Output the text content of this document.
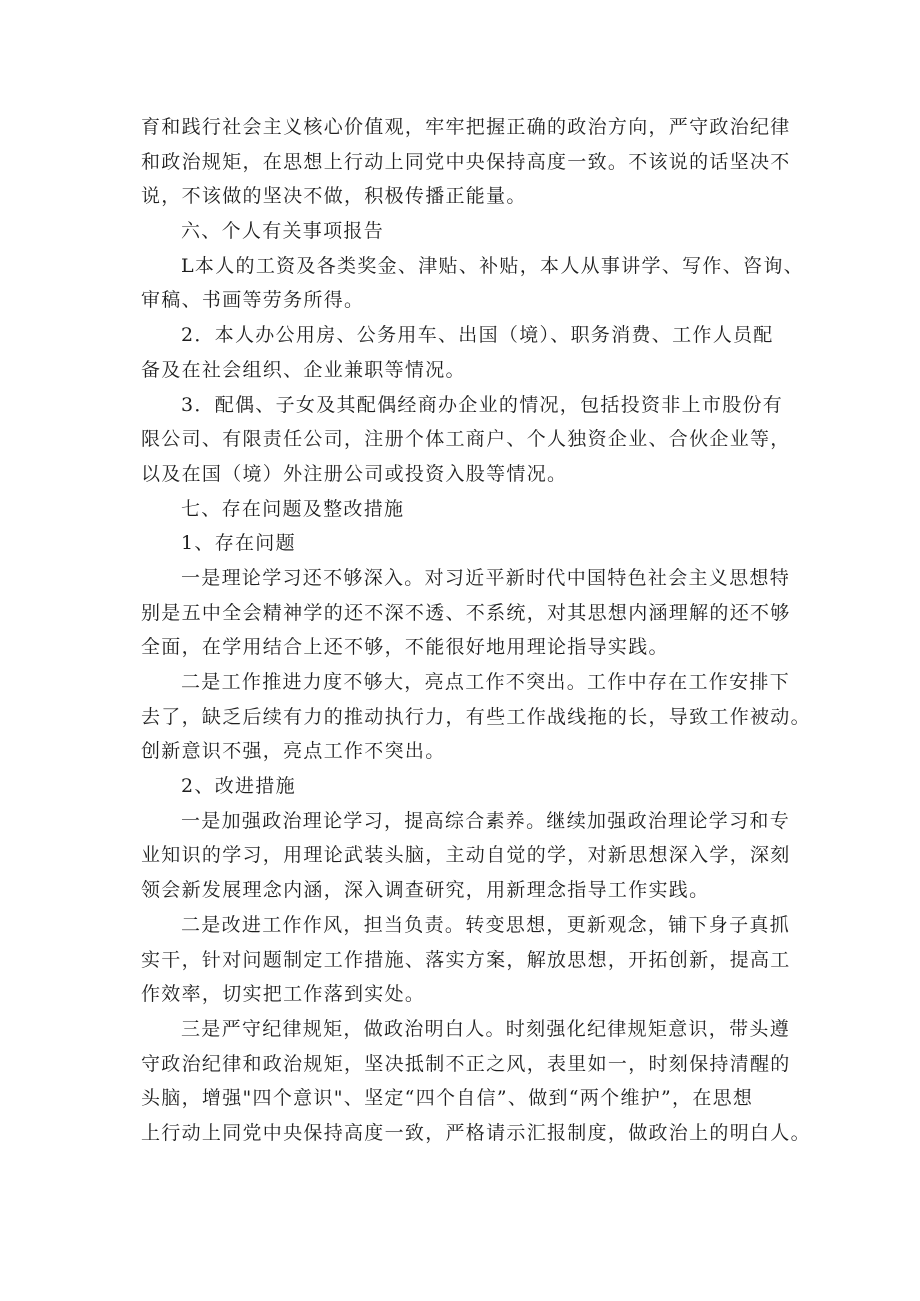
育和践行社会主义核心价值观，牢牢把握正确的政治方向，严守政治纪律
和政治规矩，在思想上行动上同党中央保持高度一致。不该说的话坚决不
说，不该做的坚决不做，积极传播正能量。
六、个人有关事项报告
L本人的工资及各类奖金、津贴、补贴，本人从事讲学、写作、咨询、
审稿、书画等劳务所得。
2．本人办公用房、公务用车、出国（境）、职务消费、工作人员配
备及在社会组织、企业兼职等情况。
3．配偶、子女及其配偶经商办企业的情况，包括投资非上市股份有
限公司、有限责任公司，注册个体工商户、个人独资企业、合伙企业等，
以及在国（境）外注册公司或投资入股等情况。
七、存在问题及整改措施
1、存在问题
一是理论学习还不够深入。对习近平新时代中国特色社会主义思想特
别是五中全会精神学的还不深不透、不系统，对其思想内涵理解的还不够
全面，在学用结合上还不够，不能很好地用理论指导实践。
二是工作推进力度不够大，亮点工作不突出。工作中存在工作安排下
去了，缺乏后续有力的推动执行力，有些工作战线拖的长，导致工作被动。
创新意识不强，亮点工作不突出。
2、改进措施
一是加强政治理论学习，提高综合素养。继续加强政治理论学习和专
业知识的学习，用理论武装头脑，主动自觉的学，对新思想深入学，深刻
领会新发展理念内涵，深入调查研究，用新理念指导工作实践。
二是改进工作作风，担当负责。转变思想，更新观念，铺下身子真抓
实干，针对问题制定工作措施、落实方案，解放思想，开拓创新，提高工
作效率，切实把工作落到实处。
三是严守纪律规矩，做政治明白人。时刻强化纪律规矩意识，带头遵
守政治纪律和政治规矩，坚决抵制不正之风，表里如一，时刻保持清醒的
头脑，增强"四个意识"、坚定“四个自信”、做到“两个维护”，在思想
上行动上同党中央保持高度一致，严格请示汇报制度，做政治上的明白人。
